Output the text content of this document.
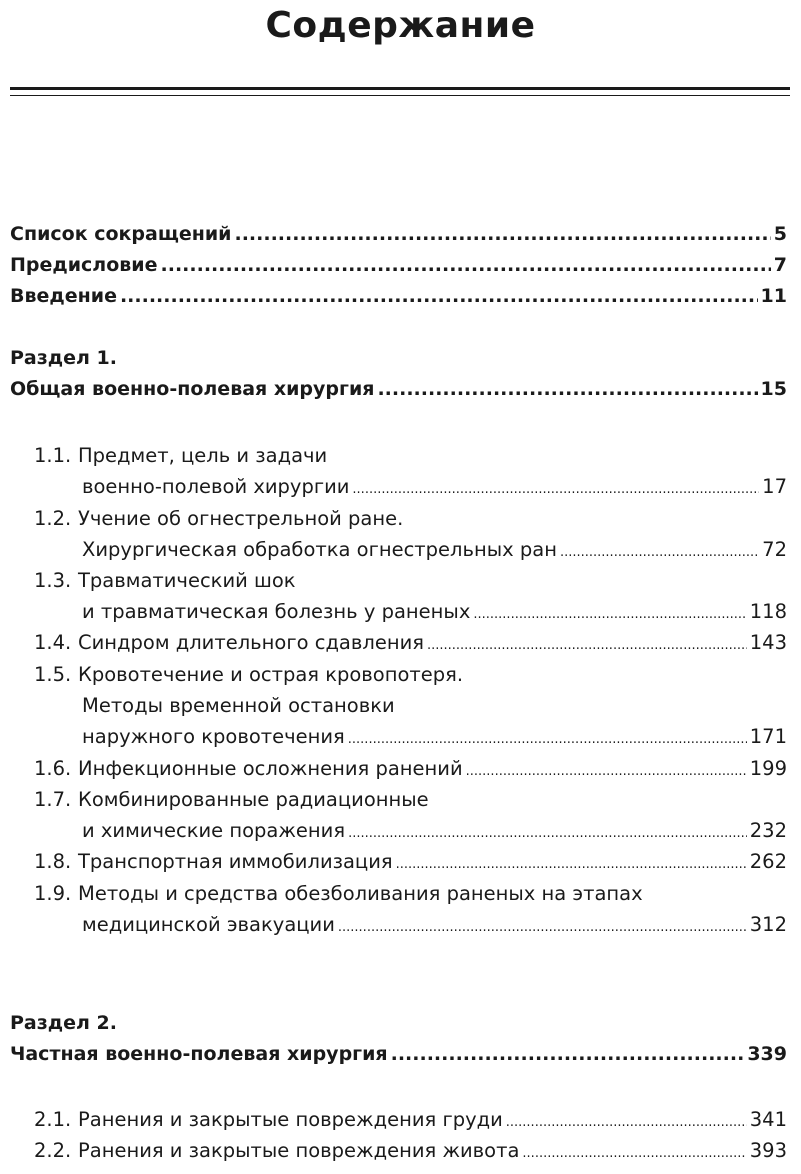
Содержание
Список сокращений .....	5
Предисловие .....	7
Введение .....	11
Раздел 1.
Общая военно-полевая хирургия .....	15
1.1. Предмет, цель и задачи
военно-полевой хирургии .....	17
1.2. Учение об огнестрельной ране.
Хирургическая обработка огнестрельных ран .....	72
1.3. Травматический шок
и травматическая болезнь у раненых .....	118
1.4. Синдром длительного сдавления .....	143
1.5. Кровотечение и острая кровопотеря.
Методы временной остановки
наружного кровотечения .....	171
1.6. Инфекционные осложнения ранений .....	199
1.7. Комбинированные радиационные
и химические поражения .....	232
1.8. Транспортная иммобилизация .....	262
1.9. Методы и средства обезболивания раненых на этапах
медицинской эвакуации .....	312
Раздел 2.
Частная военно-полевая хирургия .....	339
2.1. Ранения и закрытые повреждения груди .....	341
2.2. Ранения и закрытые повреждения живота .....	393
